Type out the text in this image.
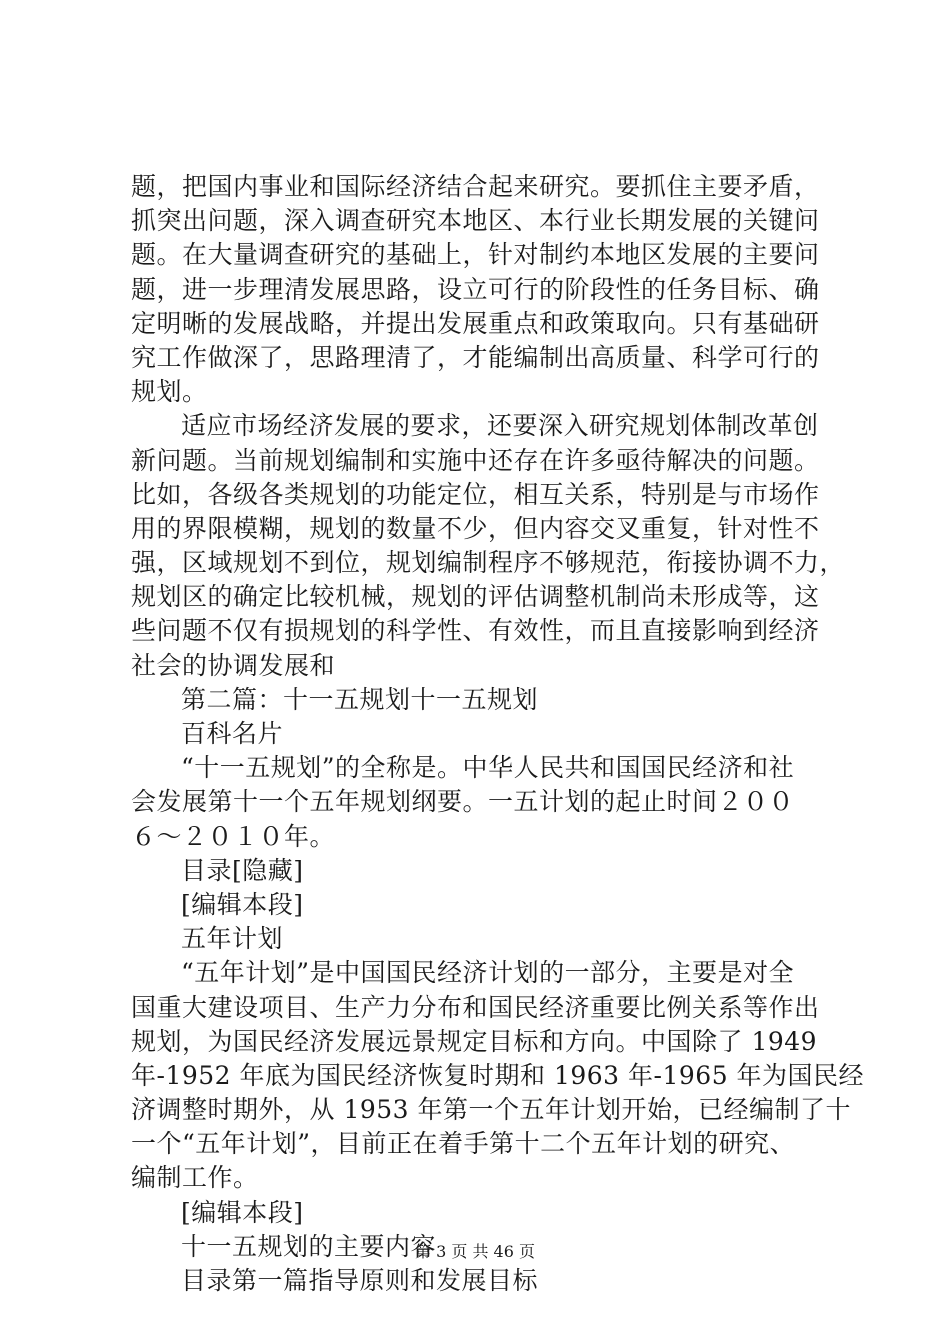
题，把国内事业和国际经济结合起来研究。要抓住主要矛盾，
抓突出问题，深入调查研究本地区、本行业长期发展的关键问
题。在大量调查研究的基础上，针对制约本地区发展的主要问
题，进一步理清发展思路，设立可行的阶段性的任务目标、确
定明晰的发展战略，并提出发展重点和政策取向。只有基础研
究工作做深了，思路理清了，才能编制出高质量、科学可行的
规划。
适应市场经济发展的要求，还要深入研究规划体制改革创
新问题。当前规划编制和实施中还存在许多亟待解决的问题。
比如，各级各类规划的功能定位，相互关系，特别是与市场作
用的界限模糊，规划的数量不少，但内容交叉重复，针对性不
强，区域规划不到位，规划编制程序不够规范，衔接协调不力，
规划区的确定比较机械，规划的评估调整机制尚未形成等，这
些问题不仅有损规划的科学性、有效性，而且直接影响到经济
社会的协调发展和
第二篇：十一五规划十一五规划
百科名片
“十一五规划”的全称是。中华人民共和国国民经济和社
会发展第十一个五年规划纲要。一五计划的起止时间２００
６～２０１０年。
目录[隐藏]
[编辑本段]
五年计划
“五年计划”是中国国民经济计划的一部分，主要是对全
国重大建设项目、生产力分布和国民经济重要比例关系等作出
规划，为国民经济发展远景规定目标和方向。中国除了 1949
年-1952 年底为国民经济恢复时期和 1963 年-1965 年为国民经
济调整时期外，从 1953 年第一个五年计划开始，已经编制了十
一个“五年计划”，目前正在着手第十二个五年计划的研究、
编制工作。
[编辑本段]
十一五规划的主要内容
目录第一篇指导原则和发展目标
第 3 页 共 46 页
